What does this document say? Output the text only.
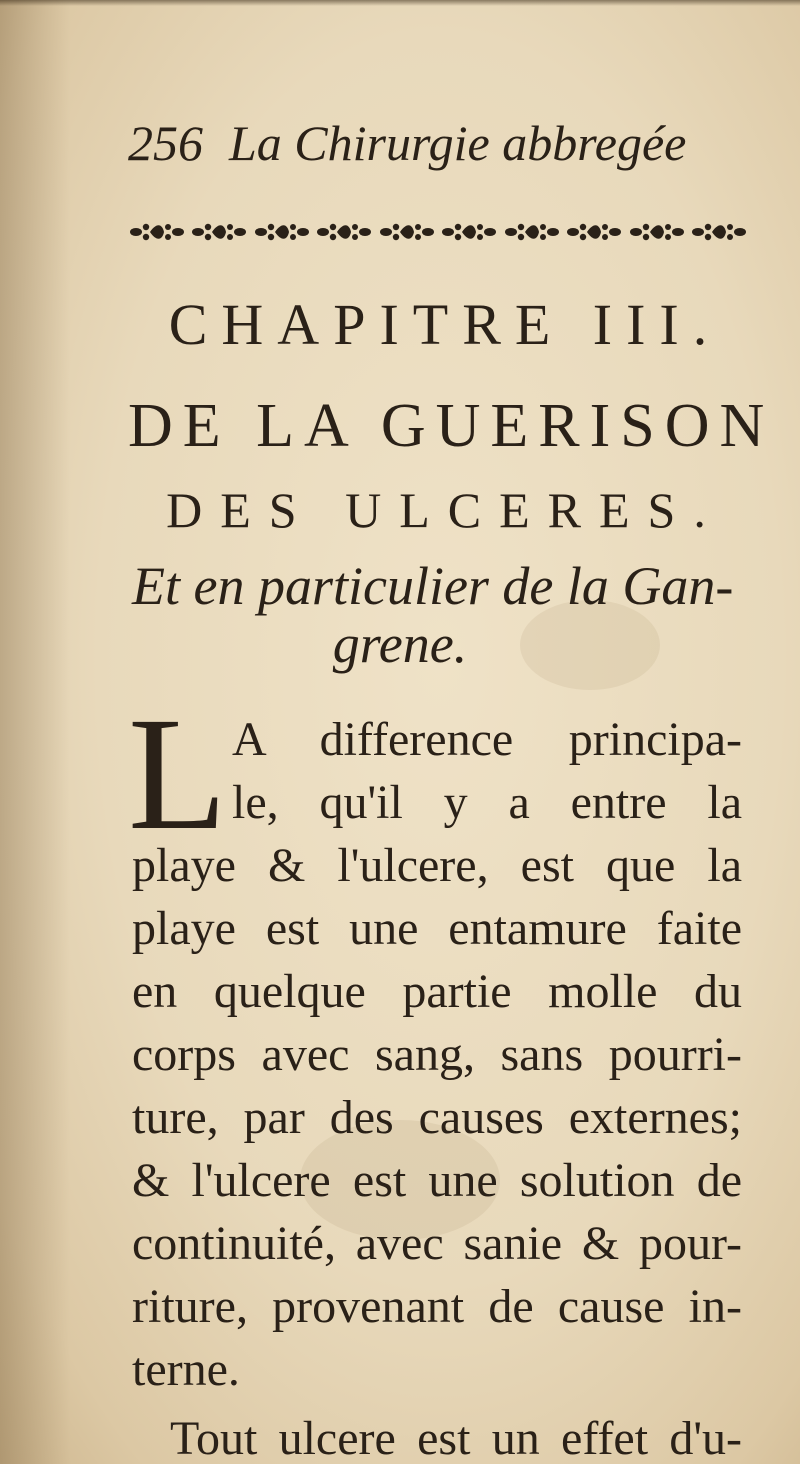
256 La Chirurgie abbregée
CHAPITRE III.
DE LA GUERISON
DES ULCERES.
Et en particulier de la Gan-
grene.
L A difference principa-
le, qu'il y a entre la
playe & l'ulcere, est que la
playe est une entamure faite
en quelque partie molle du
corps avec sang, sans pourri-
ture, par des causes externes;
& l'ulcere est une solution de
continuité, avec sanie & pour-
riture, provenant de cause in-
terne.
Tout ulcere est un effet d'u-
